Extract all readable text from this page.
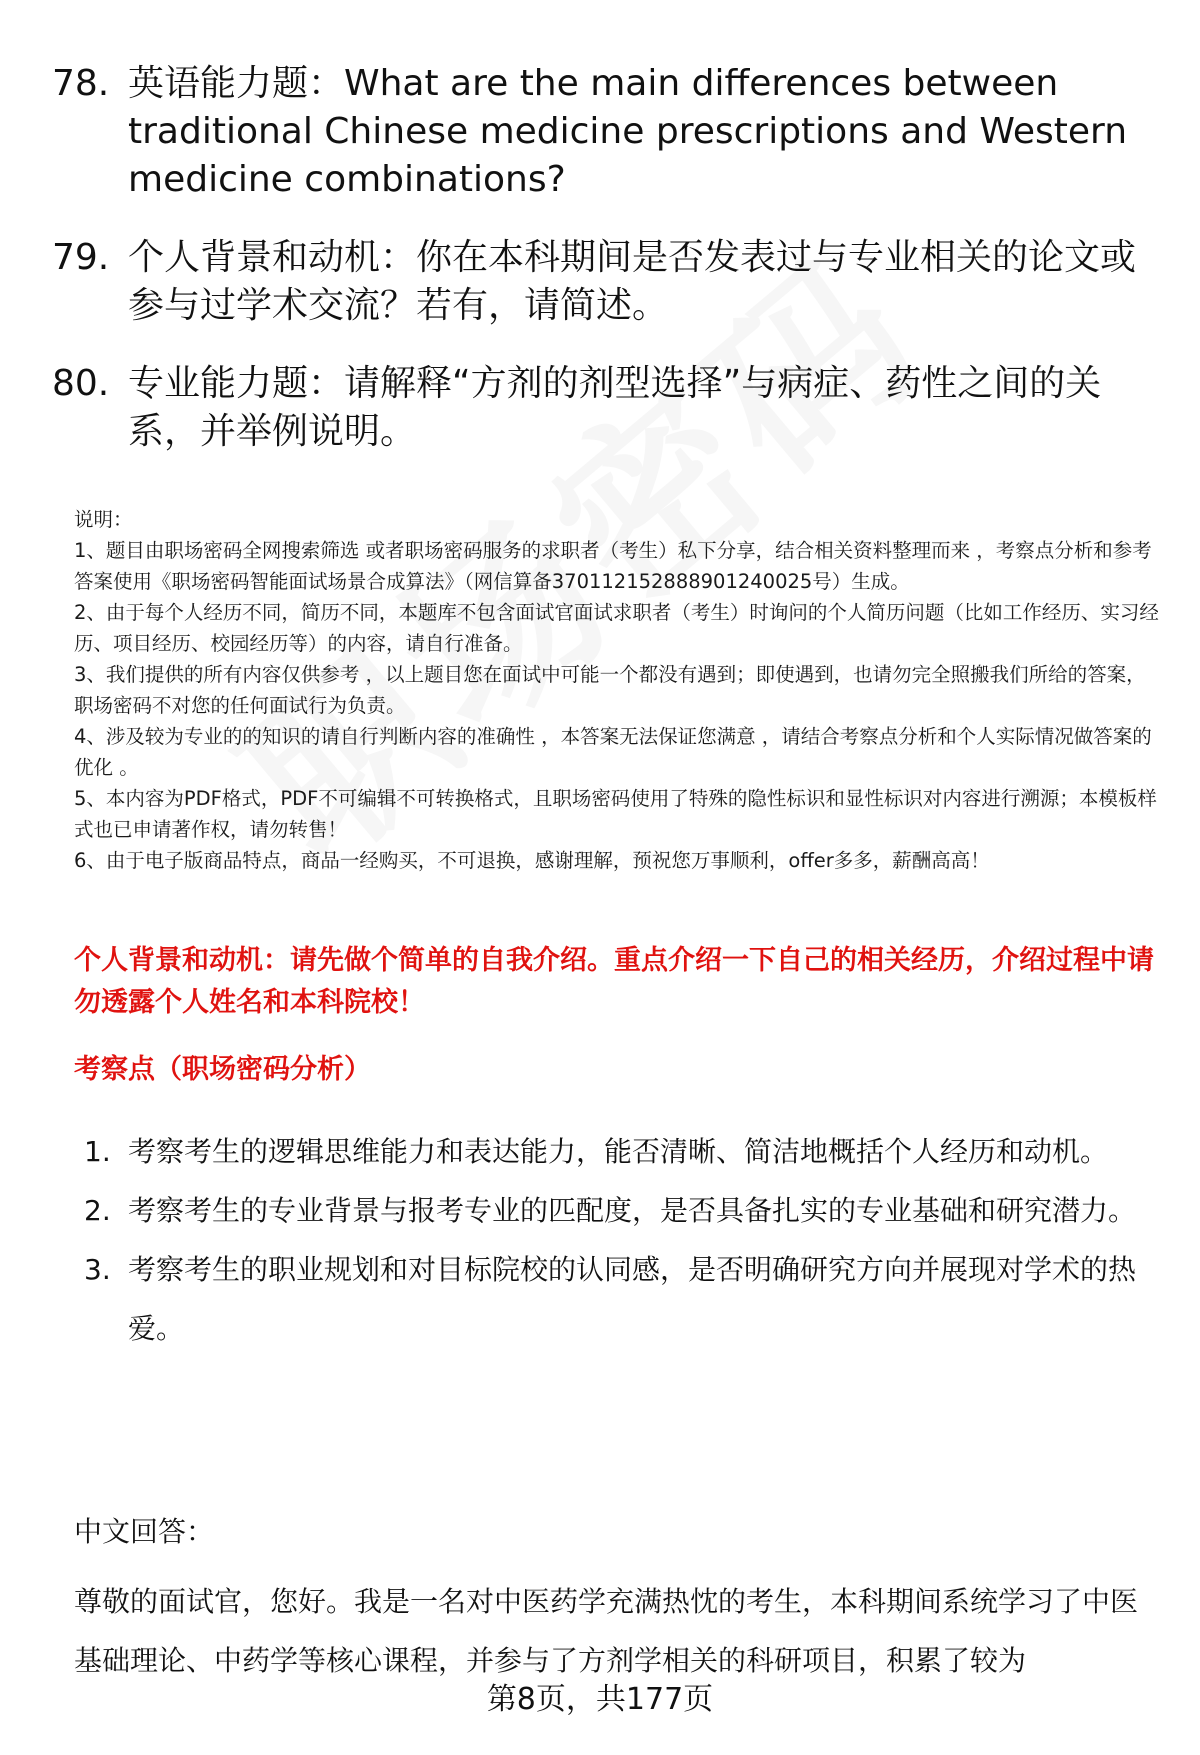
78. 英语能力题：What are the main differences between traditional Chinese medicine prescriptions and Western medicine combinations?
79. 个人背景和动机：你在本科期间是否发表过与专业相关的论文或参与过学术交流？若有，请简述。
80. 专业能力题：请解释“方剂的剂型选择”与病症、药性之间的关系，并举例说明。

说明：

1、题目由职场密码全网搜索筛选 或者职场密码服务的求职者（考生）私下分享，结合相关资料整理而来 ，考察点分析和参考答案使用《职场密码智能面试场景合成算法》（网信算备370112152888901240025号）生成。

2、由于每个人经历不同，简历不同，本题库不包含面试官面试求职者（考生）时询问的个人简历问题（比如工作经历、实习经历、项目经历、校园经历等）的内容，请自行准备。

3、我们提供的所有内容仅供参考 ，以上题目您在面试中可能一个都没有遇到；即使遇到，也请勿完全照搬我们所给的答案，职场密码不对您的任何面试行为负责。

4、涉及较为专业的的知识的请自行判断内容的准确性 ，本答案无法保证您满意 ，请结合考察点分析和个人实际情况做答案的优化 。

5、本内容为PDF格式，PDF不可编辑不可转换格式，且职场密码使用了特殊的隐性标识和显性标识对内容进行溯源；本模板样式也已申请著作权，请勿转售！

6、由于电子版商品特点，商品一经购买，不可退换，感谢理解，预祝您万事顺利，offer多多，薪酬高高！

个人背景和动机：请先做个简单的自我介绍。重点介绍一下自己的相关经历，介绍过程中请勿透露个人姓名和本科院校！
考察点（职场密码分析）
1. 考察考生的逻辑思维能力和表达能力，能否清晰、简洁地概括个人经历和动机。
2. 考察考生的专业背景与报考专业的匹配度，是否具备扎实的专业基础和研究潜力。
3. 考察考生的职业规划和对目标院校的认同感，是否明确研究方向并展现对学术的热爱。
中文回答：
尊敬的面试官，您好。我是一名对中医药学充满热忱的考生，本科期间系统学习了中医基础理论、中药学等核心课程，并参与了方剂学相关的科研项目，积累了较为
第8页，共177页
